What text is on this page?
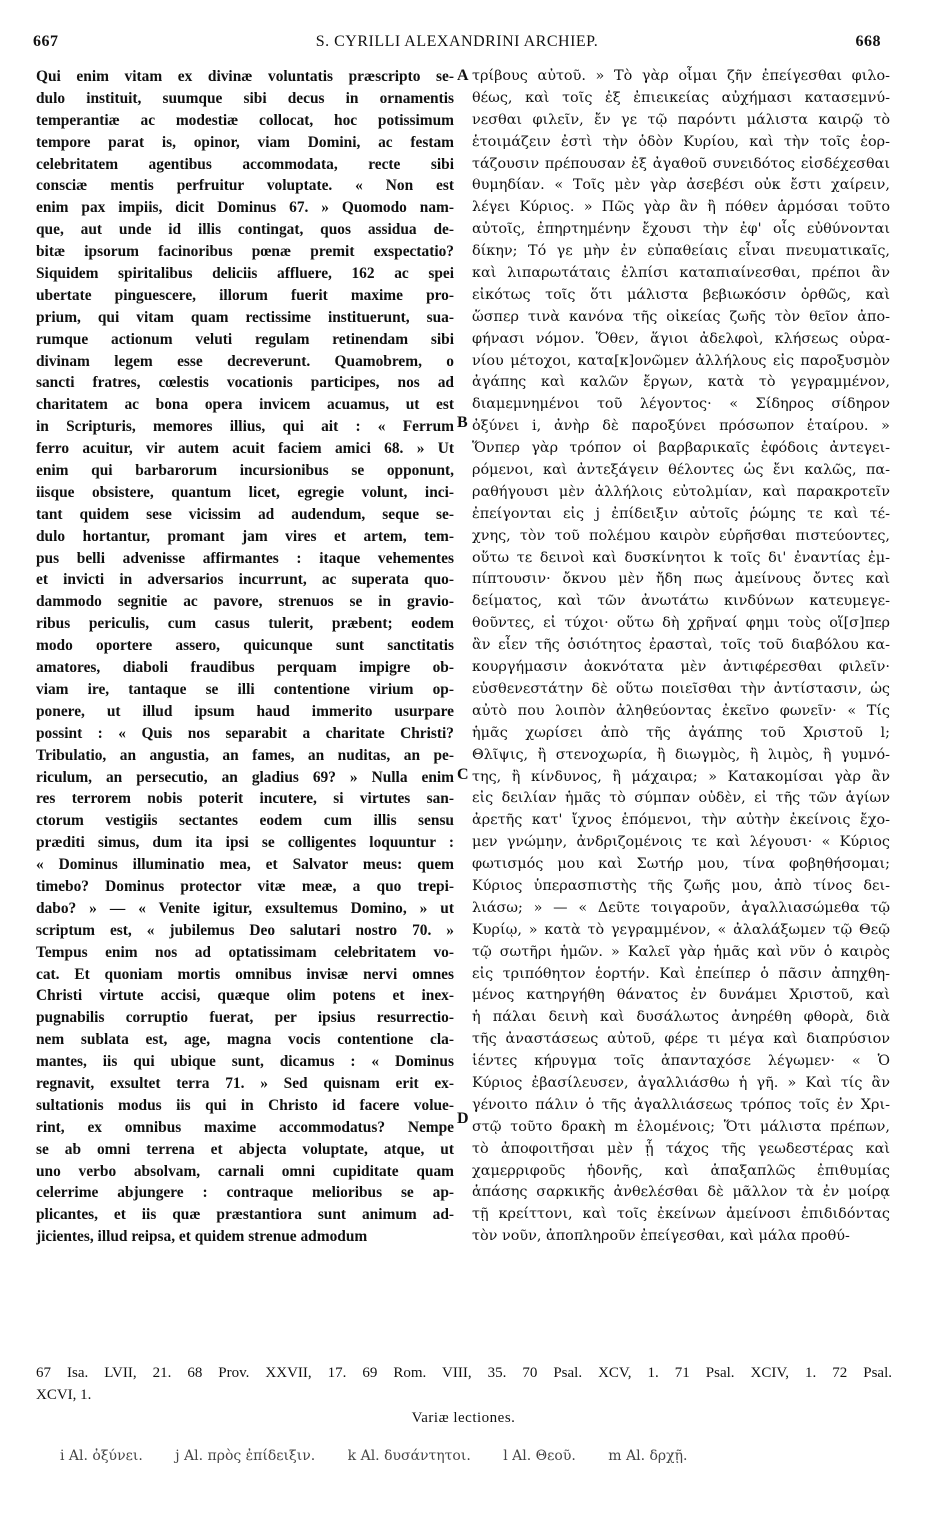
667	S. CYRILLI ALEXANDRINI ARCHIEP.	668
Qui enim vitam ex divinæ voluntatis præscripto se-
dulo instituit, suumque sibi decus in ornamentis
temperantiæ ac modestiæ collocat, hoc potissimum
tempore parat is, opinor, viam Domini, ac festam
celebritatem agentibus accommodata, recte sibi
consciæ mentis perfruitur voluptate. « Non est
enim pax impiis, dicit Dominus 67. » Quomodo nam-
que, aut unde id illis contingat, quos assidua de-
bitæ ipsorum facinoribus pœnæ premit exspectatio?
Siquidem spiritalibus deliciis affluere, 162 ac spei
ubertate pinguescere, illorum fuerit maxime pro-
prium, qui vitam quam rectissime instituerunt, sua-
rumque actionum veluti regulam retinendam sibi
divinam legem esse decreverunt. Quamobrem, o
sancti fratres, cœlestis vocationis participes, nos ad
charitatem ac bona opera invicem acuamus, ut est
in Scripturis, memores illius, qui ait : « Ferrum
ferro acuitur, vir autem acuit faciem amici 68. » Ut
enim qui barbarorum incursionibus se opponunt,
iisque obsistere, quantum licet, egregie volunt, inci-
tant quidem sese vicissim ad audendum, seque se-
dulo hortantur, promant jam vires et artem, tem-
pus belli advenisse affirmantes : itaque vehementes
et invicti in adversarios incurrunt, ac superata quo-
dammodo segnitie ac pavore, strenuos se in gravio-
ribus periculis, cum casus tulerit, præbent; eodem
modo oportere assero, quicunque sunt sanctitatis
amatores, diaboli fraudibus perquam impigre ob-
viam ire, tantaque se illi contentione virium op-
ponere, ut illud ipsum haud immerito usurpare
possint : « Quis nos separabit a charitate Christi?
Tribulatio, an angustia, an fames, an nuditas, an pe-
riculum, an persecutio, an gladius 69? » Nulla enim
res terrorem nobis poterit incutere, si virtutes san-
ctorum vestigiis sectantes eodem cum illis sensu
præditi simus, dum ita ipsi se colligentes loquuntur :
« Dominus illuminatio mea, et Salvator meus: quem
timebo? Dominus protector vitæ meæ, a quo trepi-
dabo? » — « Venite igitur, exsultemus Domino, » ut
scriptum est, « jubilemus Deo salutari nostro 70. »
Tempus enim nos ad optatissimam celebritatem vo-
cat. Et quoniam mortis omnibus invisæ nervi omnes
Christi virtute accisi, quæque olim potens et inex-
pugnabilis corruptio fuerat, per ipsius resurrectio-
nem sublata est, age, magna vocis contentione cla-
mantes, iis qui ubique sunt, dicamus : « Dominus
regnavit, exsultet terra 71. » Sed quisnam erit ex-
sultationis modus iis qui in Christo id facere volue-
rint, ex omnibus maxime accommodatus? Nempe
se ab omni terrena et abjecta voluptate, atque, ut
uno verbo absolvam, carnali omni cupiditate quam
celerrime abjungere : contraque melioribus se ap-
plicantes, et iis quæ præstantiora sunt animum ad-
jicientes, illud reipsa, et quidem strenue admodum
τρίβους αὐτοῦ. » Τὸ γὰρ οἶμαι ζῆν ἐπείγεσθαι φιλο-
θέως, καὶ τοῖς ἐξ ἐπιεικείας αὐχήμασι κατασεμνύ-
νεσθαι φιλεῖν, ἔν γε τῷ παρόντι μάλιστα καιρῷ τὸ
ἑτοιμάζειν ἐστὶ τὴν ὁδὸν Κυρίου, καὶ τὴν τοῖς ἑορ-
τάζουσιν πρέπουσαν ἐξ ἀγαθοῦ συνειδότος εἰσδέχεσθαι
θυμηδίαν. « Τοῖς μὲν γὰρ ἀσεβέσι οὐκ ἔστι χαίρειν,
λέγει Κύριος. » Πῶς γὰρ ἂν ἢ πόθεν ἁρμόσαι τοῦτο
αὐτοῖς, ἐπηρτημένην ἔχουσι τὴν ἐφ' οἷς εὐθύνονται
δίκην; Τό γε μὴν ἐν εὐπαθείαις εἶναι πνευματικαῖς,
καὶ λιπαρωτάταις ἐλπίσι καταπιαίνεσθαι, πρέποι ἂν
εἰκότως τοῖς ὅτι μάλιστα βεβιωκόσιν ὀρθῶς, καὶ
ὥσπερ τινὰ κανόνα τῆς οἰκείας ζωῆς τὸν θεῖον ἀπο-
φήνασι νόμον. Ὅθεν, ἅγιοι ἀδελφοὶ, κλήσεως οὐρα-
νίου μέτοχοι, κατα[κ]ονῶμεν ἀλλήλους εἰς παροξυσμὸν
ἀγάπης καὶ καλῶν ἔργων, κατὰ τὸ γεγραμμένον,
διαμεμνημένοι τοῦ λέγοντος· « Σίδηρος σίδηρον
ὀξύνει i, ἀνὴρ δὲ παροξύνει πρόσωπον ἑταίρου. »
Ὅνπερ γὰρ τρόπον οἱ βαρβαρικαῖς ἐφόδοις ἀντεγει-
ρόμενοι, καὶ ἀντεξάγειν θέλοντες ὡς ἔνι καλῶς, πα-
ραθήγουσι μὲν ἀλλήλοις εὐτολμίαν, καὶ παρακροτεῖν
ἐπείγονται εἰς j ἐπίδειξιν αὐτοῖς ῥώμης τε καὶ τέ-
χνης, τὸν τοῦ πολέμου καιρὸν εὑρῆσθαι πιστεύοντες,
οὕτω τε δεινοὶ καὶ δυσκίνητοι k τοῖς δι' ἐναντίας ἐμ-
πίπτουσιν· ὄκνου μὲν ἤδη πως ἀμείνους ὄντες καὶ
δείματος, καὶ τῶν ἀνωτάτω κινδύνων κατευμεγε-
θοῦντες, εἰ τύχοι· οὕτω δὴ χρῆναί φημι τοὺς οἵ[σ]περ
ἂν εἶεν τῆς ὁσιότητος ἐρασταὶ, τοῖς τοῦ διαβόλου κα-
κουργήμασιν ἀοκνότατα μὲν ἀντιφέρεσθαι φιλεῖν·
εὐσθενεστάτην δὲ οὕτω ποιεῖσθαι τὴν ἀντίστασιν, ὡς
αὐτὸ που λοιπὸν ἀληθεύοντας ἐκεῖνο φωνεῖν· « Τίς
ἡμᾶς χωρίσει ἀπὸ τῆς ἀγάπης τοῦ Χριστοῦ l;
Θλῖψις, ἢ στενοχωρία, ἢ διωγμὸς, ἢ λιμὸς, ἢ γυμνό-
της, ἢ κίνδυνος, ἢ μάχαιρα; » Κατακομίσαι γὰρ ἂν
εἰς δειλίαν ἡμᾶς τὸ σύμπαν οὐδὲν, εἰ τῆς τῶν ἁγίων
ἀρετῆς κατ' ἴχνος ἑπόμενοι, τὴν αὐτὴν ἐκείνοις ἔχο-
μεν γνώμην, ἀνδριζομένοις τε καὶ λέγουσι· « Κύριος
φωτισμός μου καὶ Σωτήρ μου, τίνα φοβηθήσομαι;
Κύριος ὑπερασπιστὴς τῆς ζωῆς μου, ἀπὸ τίνος δει-
λιάσω; » — « Δεῦτε τοιγαροῦν, ἀγαλλιασώμεθα τῷ
Κυρίῳ, » κατὰ τὸ γεγραμμένον, « ἀλαλάξωμεν τῷ Θεῷ
τῷ σωτῆρι ἡμῶν. » Καλεῖ γὰρ ἡμᾶς καὶ νῦν ὁ καιρὸς
εἰς τριπόθητον ἑορτήν. Καὶ ἐπείπερ ὁ πᾶσιν ἀπηχθη-
μένος κατηργήθη θάνατος ἐν δυνάμει Χριστοῦ, καὶ
ἡ πάλαι δεινὴ καὶ δυσάλωτος ἀνηρέθη φθορὰ, διὰ
τῆς ἀναστάσεως αὐτοῦ, φέρε τι μέγα καὶ διαπρύσιον
ἱέντες κήρυγμα τοῖς ἁπανταχόσε λέγωμεν· « Ὁ
Κύριος ἐβασίλευσεν, ἀγαλλιάσθω ἡ γῆ. » Καὶ τίς ἂν
γένοιτο πάλιν ὁ τῆς ἀγαλλιάσεως τρόπος τοῖς ἐν Χρι-
στῷ τοῦτο δρακὴ m ἑλομένοις; Ὅτι μάλιστα πρέπων,
τὸ ἀποφοιτῆσαι μὲν ᾗ τάχος τῆς γεωδεστέρας καὶ
χαμερριφοῦς ἡδονῆς, καὶ ἁπαξαπλῶς ἐπιθυμίας
ἁπάσης σαρκικῆς ἀνθελέσθαι δὲ μᾶλλον τὰ ἐν μοίρᾳ
τῇ κρείττονι, καὶ τοῖς ἐκείνων ἀμείνοσι ἐπιδιδόντας
τὸν νοῦν, ἀποπληροῦν ἐπείγεσθαι, καὶ μάλα προθύ-
A
B
C
D
67 Isa. LVII, 21. 68 Prov. XXVII, 17. 69 Rom. VIII, 35. 70 Psal. XCV, 1. 71 Psal. XCIV, 1. 72 Psal.
XCVI, 1.
Variæ lectiones.
i Al. ὀξύνει. j Al. πρὸς ἐπίδειξιν. k Al. δυσάντητοι. l Al. Θεοῦ. m Al. δρχῇ.
